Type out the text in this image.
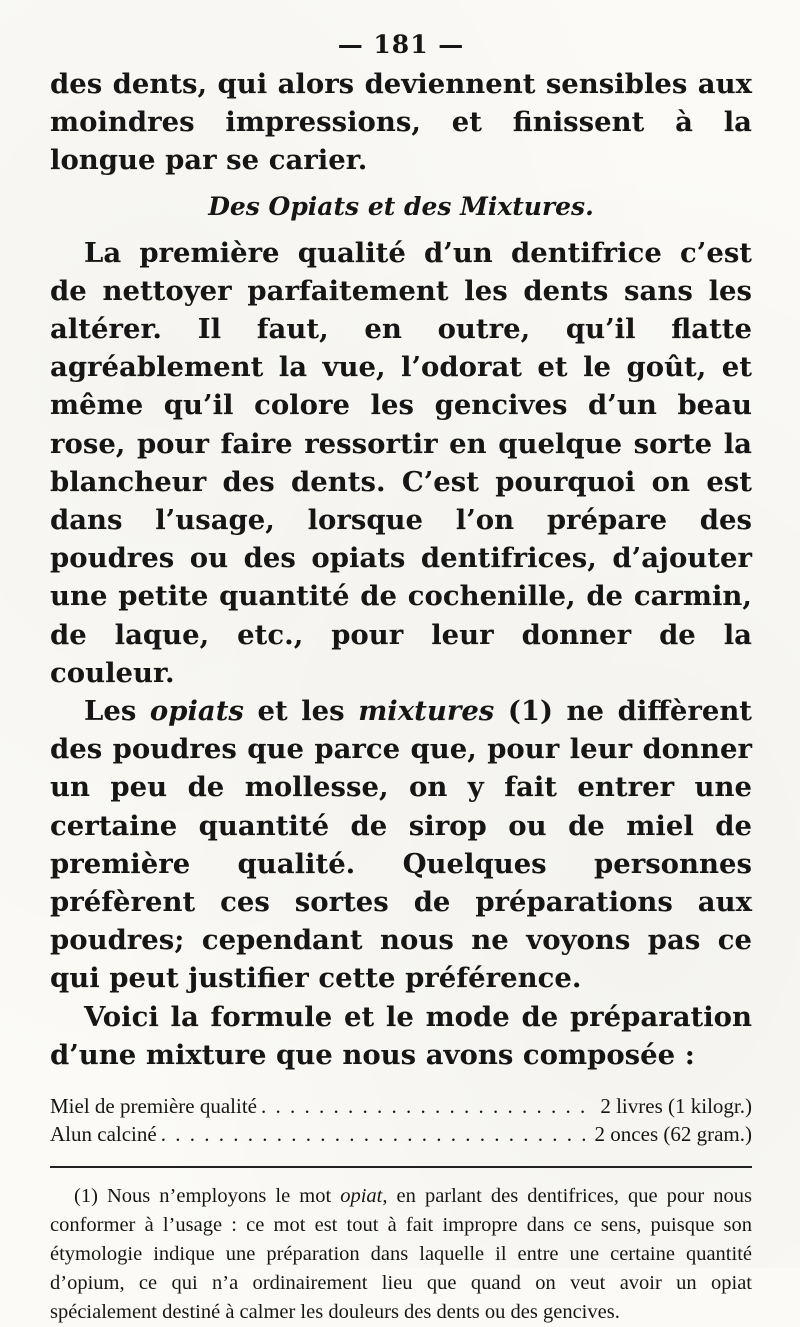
— 181 —

des dents, qui alors deviennent sensibles aux moindres impressions, et finissent à la longue par se carier.

Des Opiats et des Mixtures.

La première qualité d’un dentifrice c’est de nettoyer parfaitement les dents sans les altérer. Il faut, en outre, qu’il flatte agréablement la vue, l’odorat et le goût, et même qu’il colore les gencives d’un beau rose, pour faire ressortir en quelque sorte la blancheur des dents. C’est pourquoi on est dans l’usage, lorsque l’on prépare des poudres ou des opiats dentifrices, d’ajouter une petite quantité de cochenille, de carmin, de laque, etc., pour leur donner de la couleur.

Les opiats et les mixtures (1) ne diffèrent des poudres que parce que, pour leur donner un peu de mollesse, on y fait entrer une certaine quantité de sirop ou de miel de première qualité. Quelques personnes préfèrent ces sortes de préparations aux poudres; cependant nous ne voyons pas ce qui peut justifier cette préférence.

Voici la formule et le mode de préparation d’une mixture que nous avons composée :

Miel de première qualité . . .	2 livres (1 kilogr.)
Alun calciné . . .	2 onces (62 gram.)

(1) Nous n’employons le mot opiat, en parlant des dentifrices, que pour nous conformer à l’usage : ce mot est tout à fait impropre dans ce sens, puisque son étymologie indique une préparation dans laquelle il entre une certaine quantité d’opium, ce qui n’a ordinairement lieu que quand on veut avoir un opiat spécialement destiné à calmer les douleurs des dents ou des gencives.
